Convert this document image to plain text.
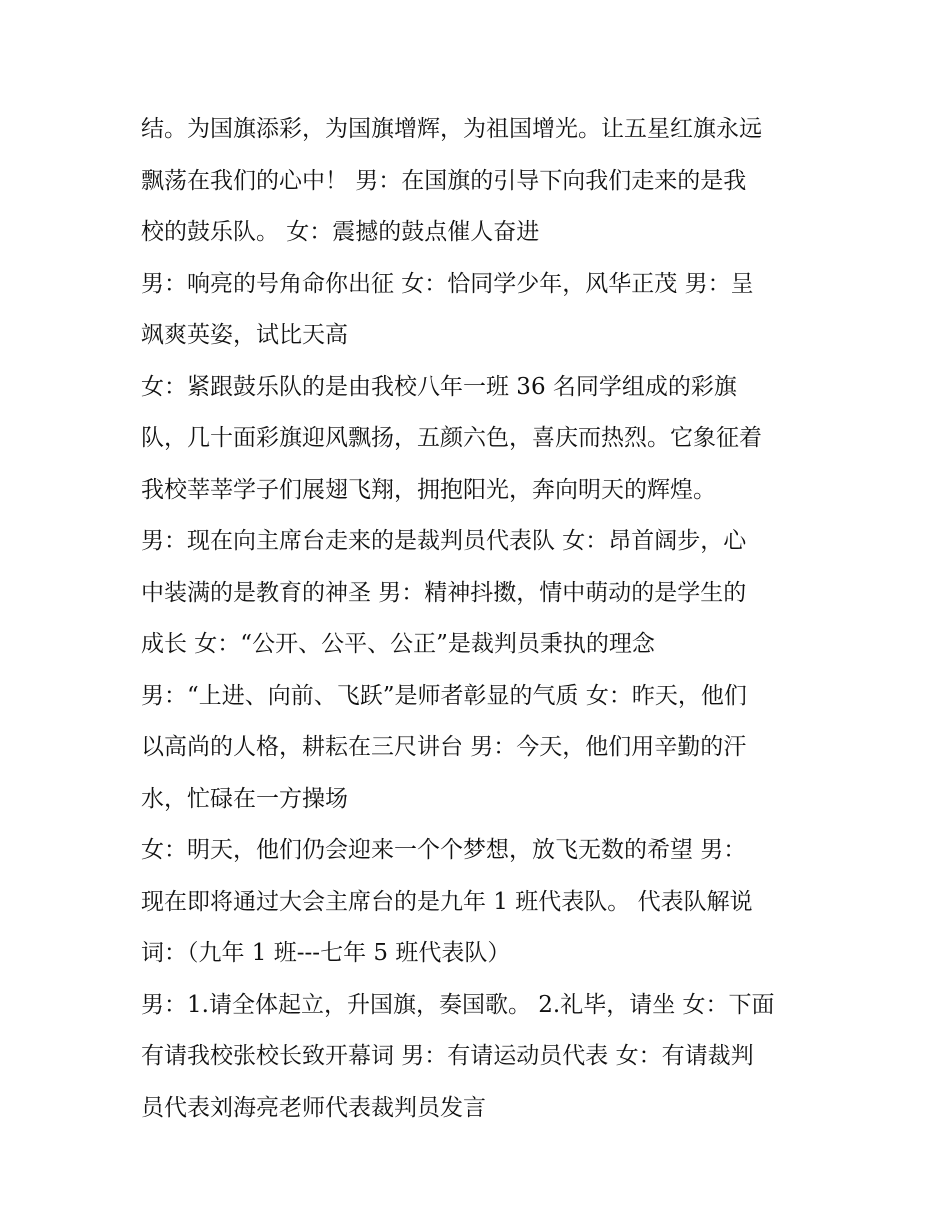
结。为国旗添彩，为国旗增辉，为祖国增光。让五星红旗永远
飘荡在我们的心中！ 男：在国旗的引导下向我们走来的是我
校的鼓乐队。 女：震撼的鼓点催人奋进
男：响亮的号角命你出征 女：恰同学少年，风华正茂 男：呈
飒爽英姿，试比天高
女：紧跟鼓乐队的是由我校八年一班 36 名同学组成的彩旗
队，几十面彩旗迎风飘扬，五颜六色，喜庆而热烈。它象征着
我校莘莘学子们展翅飞翔，拥抱阳光，奔向明天的辉煌。
男：现在向主席台走来的是裁判员代表队 女：昂首阔步，心
中装满的是教育的神圣 男：精神抖擞，情中萌动的是学生的
成长 女：“公开、公平、公正”是裁判员秉执的理念
男：“上进、向前、飞跃”是师者彰显的气质 女：昨天，他们
以高尚的人格，耕耘在三尺讲台 男：今天，他们用辛勤的汗
水，忙碌在一方操场
女：明天，他们仍会迎来一个个梦想，放飞无数的希望 男：
现在即将通过大会主席台的是九年 1 班代表队。 代表队解说
词：（九年 1 班---七年 5 班代表队）
男：1.请全体起立，升国旗，奏国歌。 2.礼毕，请坐 女：下面
有请我校张校长致开幕词 男：有请运动员代表 女：有请裁判
员代表刘海亮老师代表裁判员发言
